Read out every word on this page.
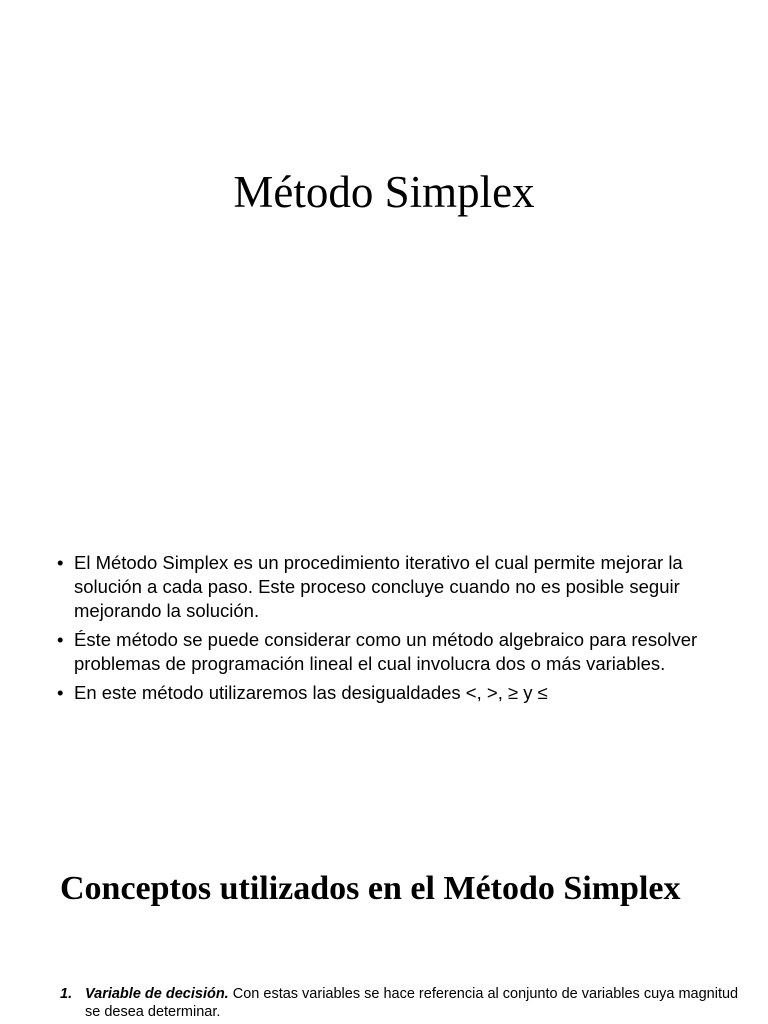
Método Simplex
• El Método Simplex es un procedimiento iterativo el cual permite mejorar la solución a cada paso. Este proceso concluye cuando no es posible seguir mejorando la solución.
• Éste método se puede considerar como un método algebraico para resolver problemas de programación lineal el cual involucra dos o más variables.
• En este método utilizaremos las desigualdades <, >, ≥ y ≤
Conceptos utilizados en el Método Simplex
1. Variable de decisión. Con estas variables se hace referencia al conjunto de variables cuya magnitud se desea determinar.
